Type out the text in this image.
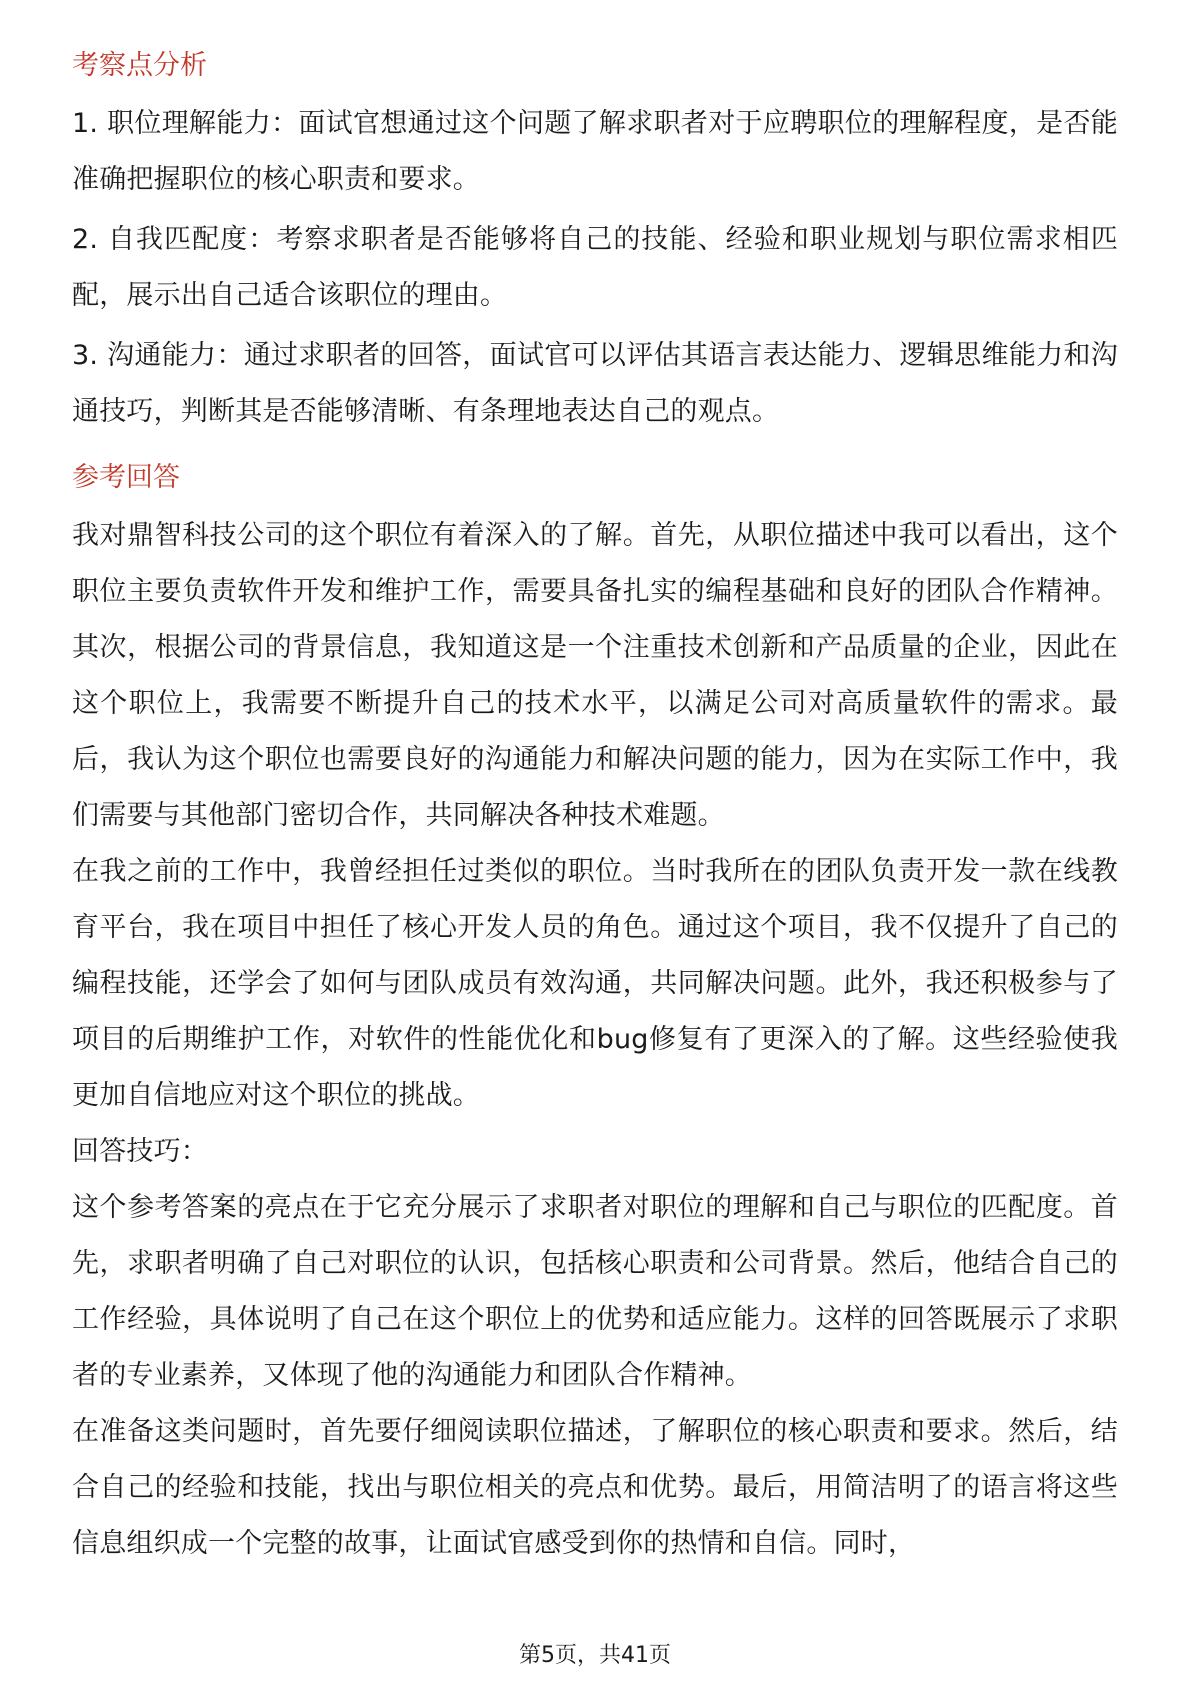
考察点分析

1. 职位理解能力：面试官想通过这个问题了解求职者对于应聘职位的理解程度，是否能准确把握职位的核心职责和要求。

2. 自我匹配度：考察求职者是否能够将自己的技能、经验和职业规划与职位需求相匹配，展示出自己适合该职位的理由。

3. 沟通能力：通过求职者的回答，面试官可以评估其语言表达能力、逻辑思维能力和沟通技巧，判断其是否能够清晰、有条理地表达自己的观点。

参考回答

我对鼎智科技公司的这个职位有着深入的了解。首先，从职位描述中我可以看出，这个职位主要负责软件开发和维护工作，需要具备扎实的编程基础和良好的团队合作精神。其次，根据公司的背景信息，我知道这是一个注重技术创新和产品质量的企业，因此在这个职位上，我需要不断提升自己的技术水平，以满足公司对高质量软件的需求。最后，我认为这个职位也需要良好的沟通能力和解决问题的能力，因为在实际工作中，我们需要与其他部门密切合作，共同解决各种技术难题。

在我之前的工作中，我曾经担任过类似的职位。当时我所在的团队负责开发一款在线教育平台，我在项目中担任了核心开发人员的角色。通过这个项目，我不仅提升了自己的编程技能，还学会了如何与团队成员有效沟通，共同解决问题。此外，我还积极参与了项目的后期维护工作，对软件的性能优化和bug修复有了更深入的了解。这些经验使我更加自信地应对这个职位的挑战。

回答技巧：

这个参考答案的亮点在于它充分展示了求职者对职位的理解和自己与职位的匹配度。首先，求职者明确了自己对职位的认识，包括核心职责和公司背景。然后，他结合自己的工作经验，具体说明了自己在这个职位上的优势和适应能力。这样的回答既展示了求职者的专业素养，又体现了他的沟通能力和团队合作精神。

在准备这类问题时，首先要仔细阅读职位描述，了解职位的核心职责和要求。然后，结合自己的经验和技能，找出与职位相关的亮点和优势。最后，用简洁明了的语言将这些信息组织成一个完整的故事，让面试官感受到你的热情和自信。同时，

第5页，共41页
